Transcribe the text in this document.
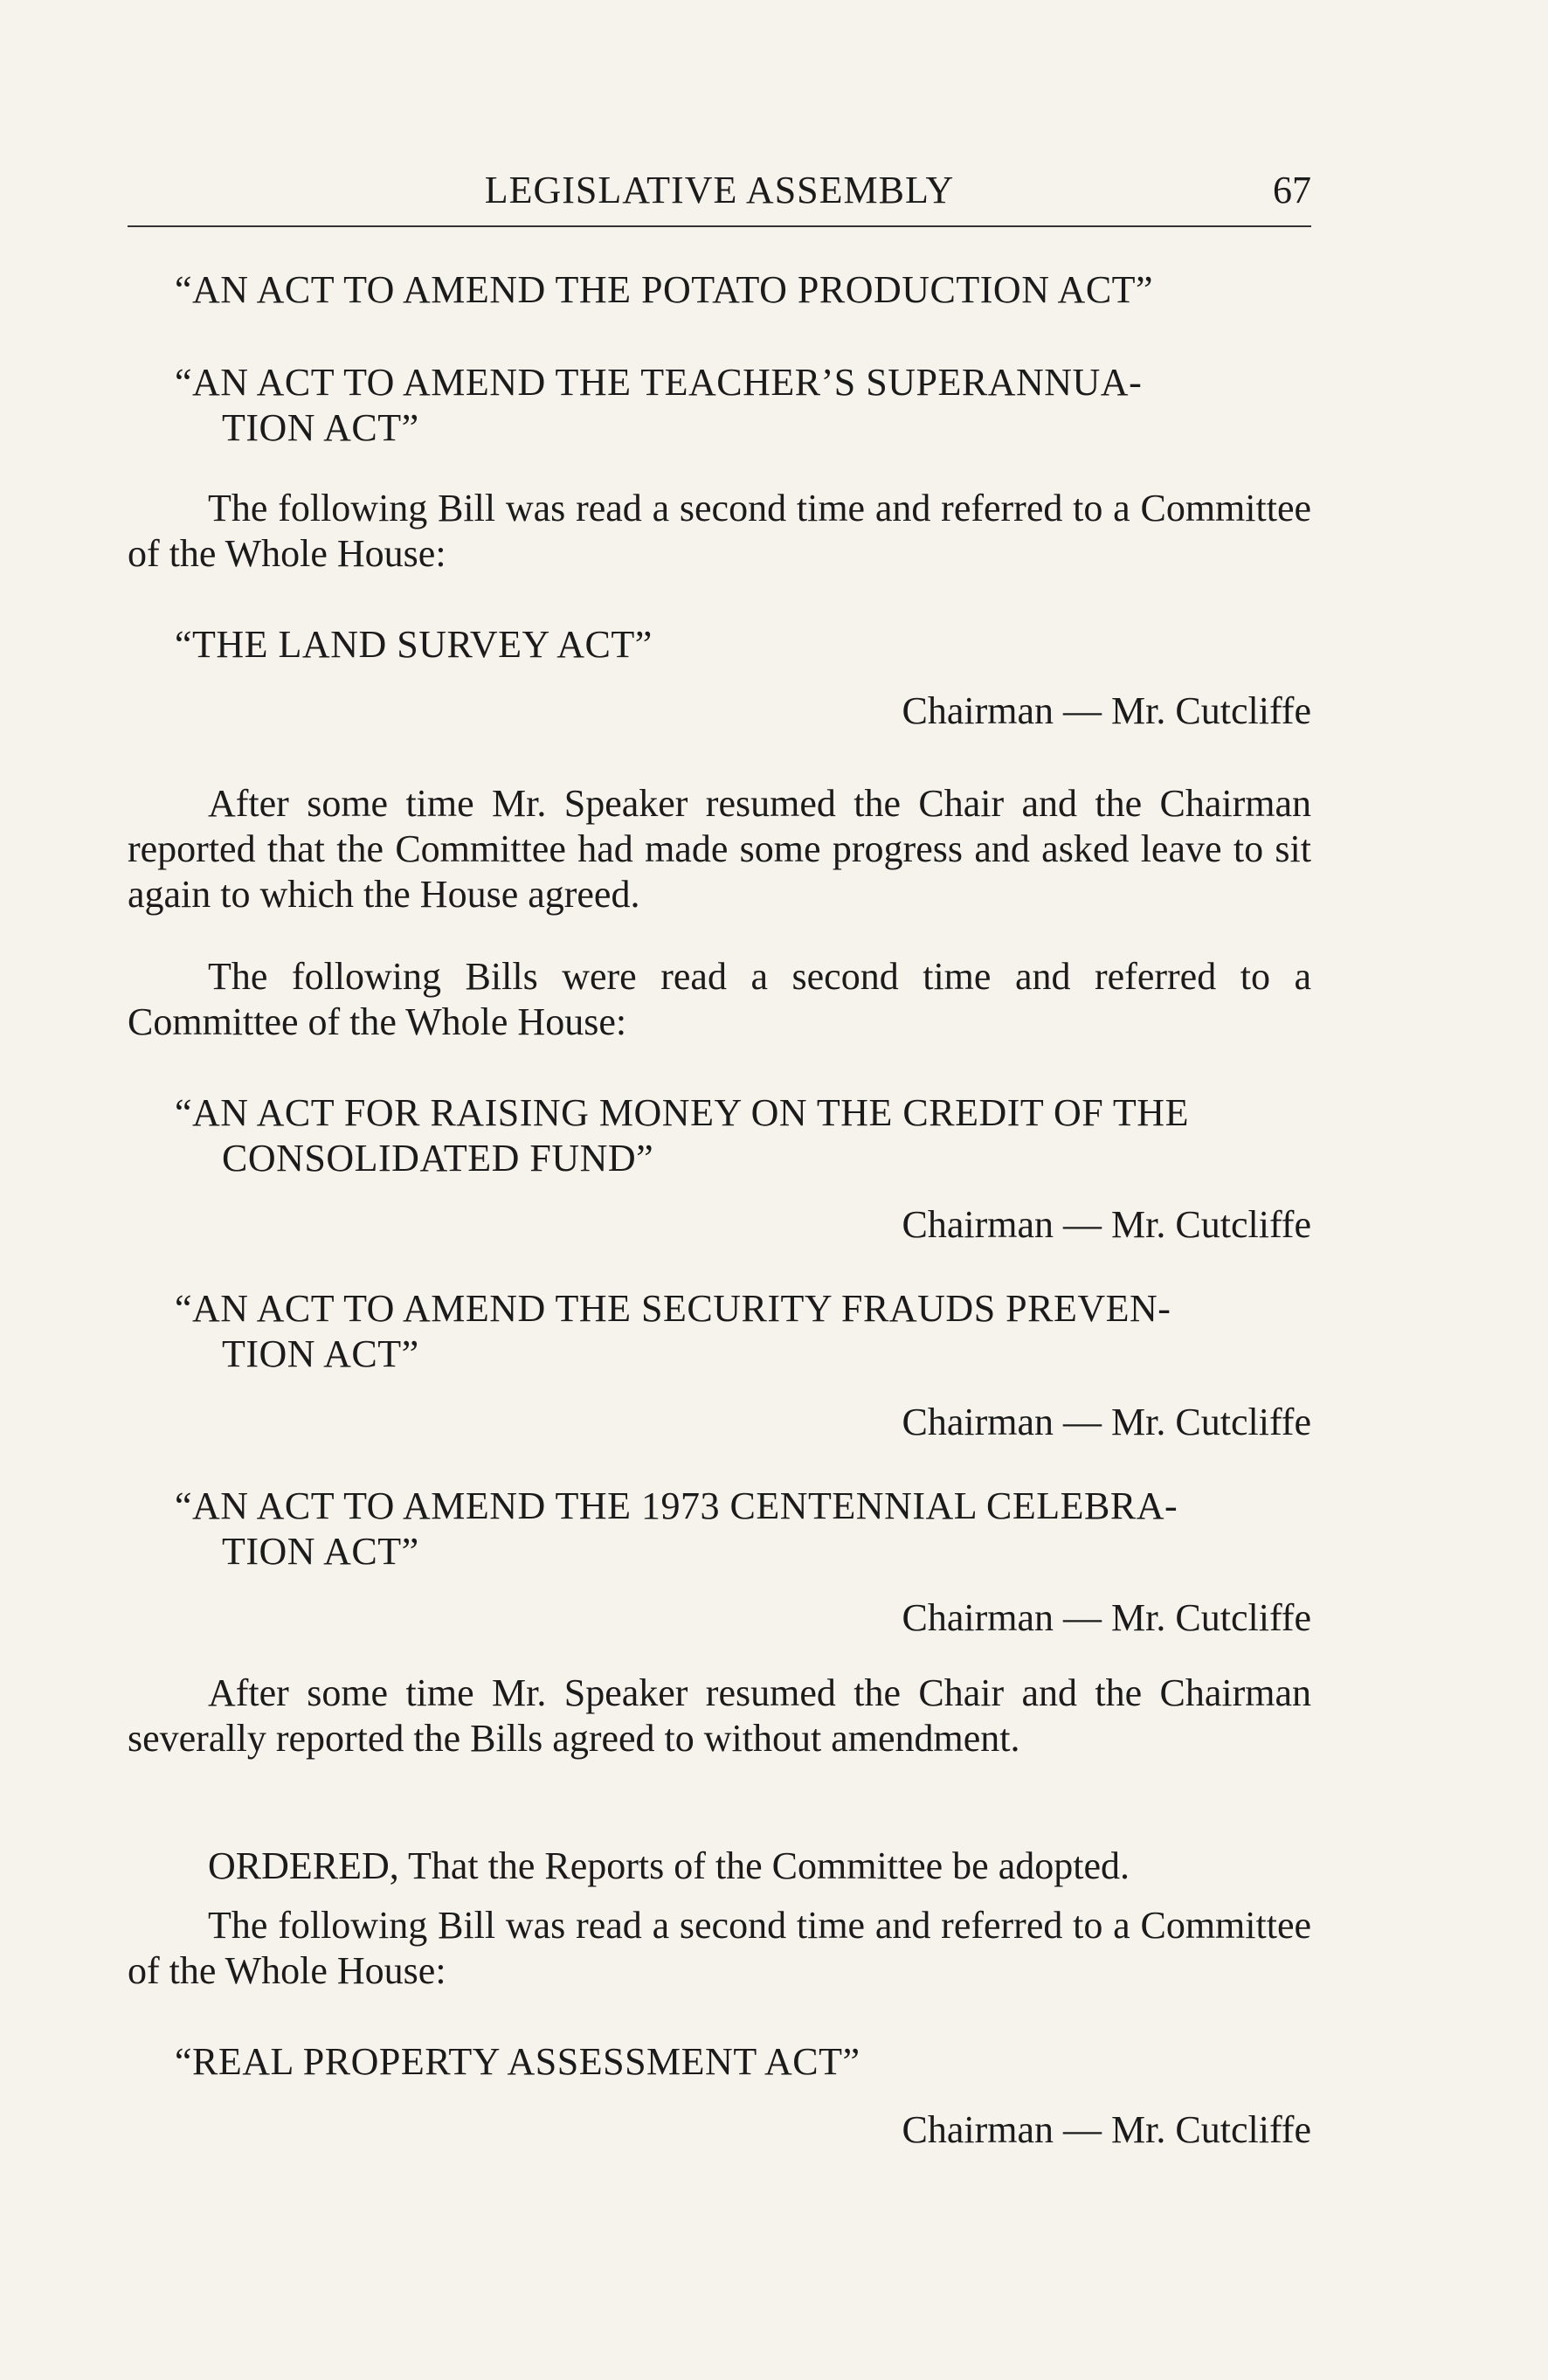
LEGISLATIVE ASSEMBLY	67
“AN ACT TO AMEND THE POTATO PRODUCTION ACT”
“AN ACT TO AMEND THE TEACHER’S SUPERANNUA-
TION ACT”
The following Bill was read a second time and referred to a Committee of the Whole House:
“THE LAND SURVEY ACT”
Chairman — Mr. Cutcliffe
After some time Mr. Speaker resumed the Chair and the Chairman reported that the Committee had made some progress and asked leave to sit again to which the House agreed.
The following Bills were read a second time and referred to a Committee of the Whole House:
“AN ACT FOR RAISING MONEY ON THE CREDIT OF THE
CONSOLIDATED FUND”
Chairman — Mr. Cutcliffe
“AN ACT TO AMEND THE SECURITY FRAUDS PREVEN-
TION ACT”
Chairman — Mr. Cutcliffe
“AN ACT TO AMEND THE 1973 CENTENNIAL CELEBRA-
TION ACT”
Chairman — Mr. Cutcliffe
After some time Mr. Speaker resumed the Chair and the Chairman severally reported the Bills agreed to without amendment.
ORDERED, That the Reports of the Committee be adopted.
The following Bill was read a second time and referred to a Committee of the Whole House:
“REAL PROPERTY ASSESSMENT ACT”
Chairman — Mr. Cutcliffe
